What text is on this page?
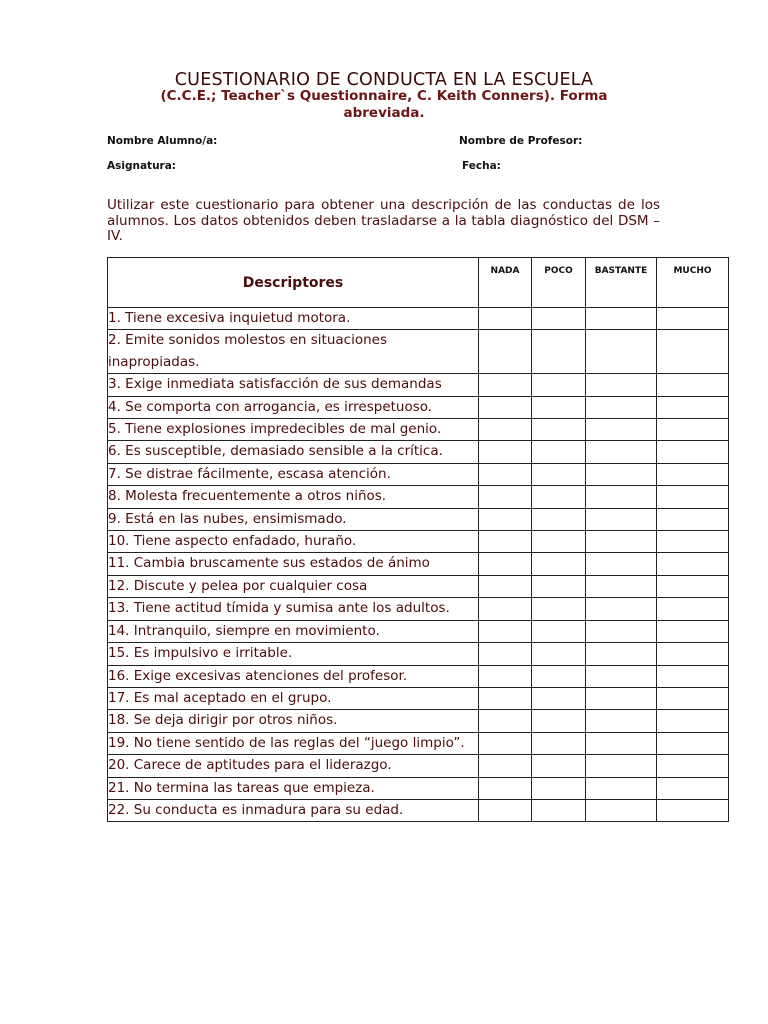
CUESTIONARIO DE CONDUCTA EN LA ESCUELA
(C.C.E.; Teacher`s Questionnaire, C. Keith Conners). Forma abreviada.
Nombre Alumno/a:	Nombre de Profesor:
Asignatura:	Fecha:
Utilizar este cuestionario para obtener una descripción de las conductas de los alumnos. Los datos obtenidos deben trasladarse a la tabla diagnóstico del DSM – IV.
Descriptores	NADA	POCO	BASTANTE	MUCHO
1. Tiene excesiva inquietud motora.				
2. Emite sonidos molestos en situaciones inapropiadas.				
3. Exige inmediata satisfacción de sus demandas				
4. Se comporta con arrogancia, es irrespetuoso.				
5. Tiene explosiones impredecibles de mal genio.				
6. Es susceptible, demasiado sensible a la crítica.				
7. Se distrae fácilmente, escasa atención.				
8. Molesta frecuentemente a otros niños.				
9. Está en las nubes, ensimismado.				
10. Tiene aspecto enfadado, huraño.				
11. Cambia bruscamente sus estados de ánimo				
12. Discute y pelea por cualquier cosa				
13. Tiene actitud tímida y sumisa ante los adultos.				
14. Intranquilo, siempre en movimiento.				
15. Es impulsivo e irritable.				
16. Exige excesivas atenciones del profesor.				
17. Es mal aceptado en el grupo.				
18. Se deja dirigir por otros niños.				
19. No tiene sentido de las reglas del “juego limpio”.				
20. Carece de aptitudes para el liderazgo.				
21. No termina las tareas que empieza.				
22. Su conducta es inmadura para su edad.				
